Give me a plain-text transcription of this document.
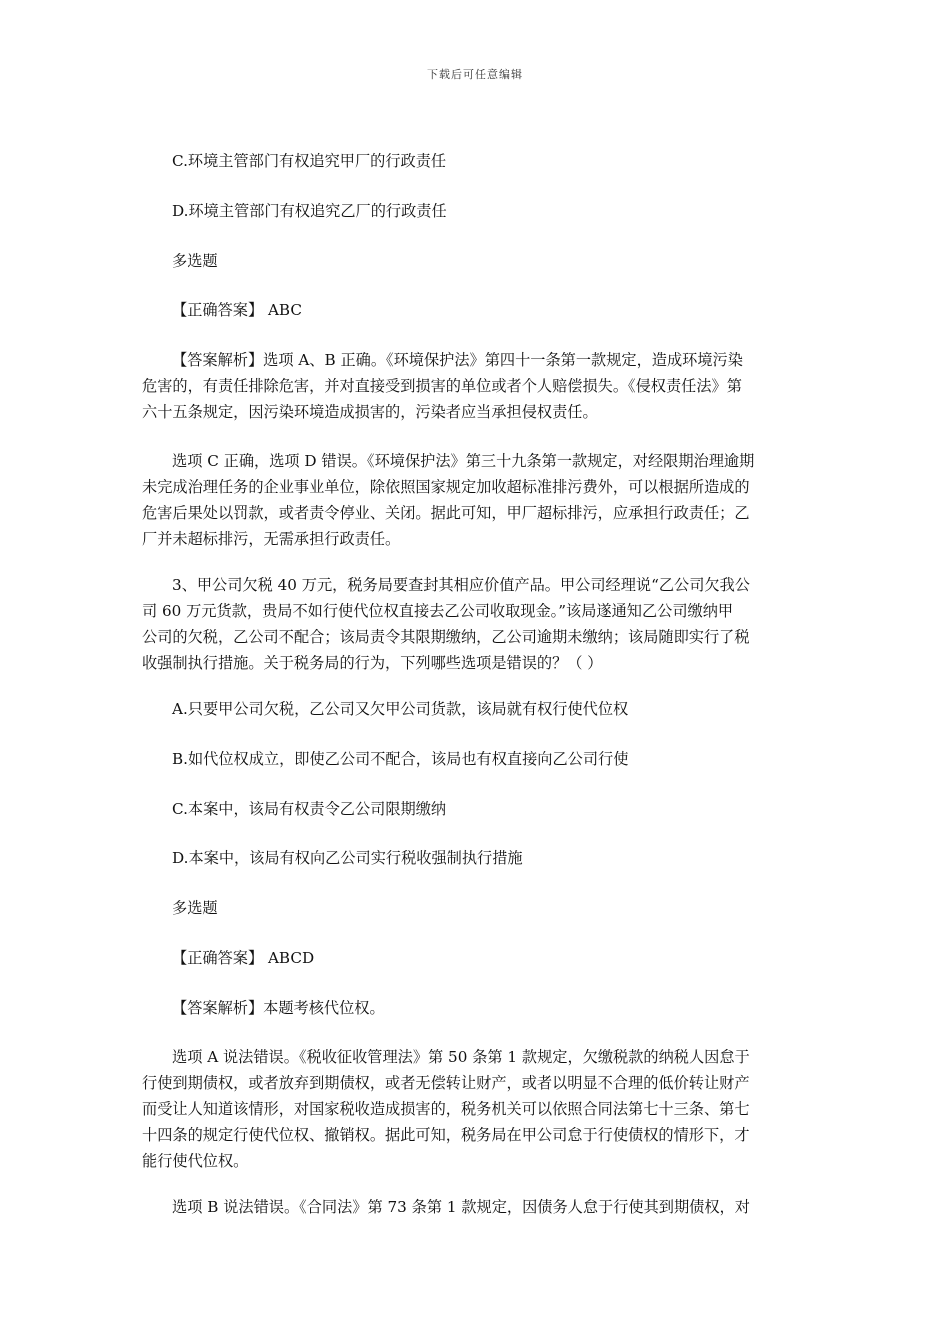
下载后可任意编辑

C.环境主管部门有权追究甲厂的行政责任

D.环境主管部门有权追究乙厂的行政责任

多选题

【正确答案】 ABC

【答案解析】选项 A、B 正确。《环境保护法》第四十一条第一款规定，造成环境污染
危害的，有责任排除危害，并对直接受到损害的单位或者个人赔偿损失。《侵权责任法》第
六十五条规定，因污染环境造成损害的，污染者应当承担侵权责任。
选项 C 正确，选项 D 错误。《环境保护法》第三十九条第一款规定，对经限期治理逾期
未完成治理任务的企业事业单位，除依照国家规定加收超标准排污费外，可以根据所造成的
危害后果处以罚款，或者责令停业、关闭。据此可知，甲厂超标排污，应承担行政责任；乙
厂并未超标排污，无需承担行政责任。
3、甲公司欠税 40 万元，税务局要查封其相应价值产品。甲公司经理说“乙公司欠我公
司 60 万元货款，贵局不如行使代位权直接去乙公司收取现金。”该局遂通知乙公司缴纳甲
公司的欠税，乙公司不配合；该局责令其限期缴纳，乙公司逾期未缴纳；该局随即实行了税
收强制执行措施。关于税务局的行为，下列哪些选项是错误的？（ ）

A.只要甲公司欠税，乙公司又欠甲公司货款，该局就有权行使代位权

B.如代位权成立，即使乙公司不配合，该局也有权直接向乙公司行使

C.本案中，该局有权责令乙公司限期缴纳

D.本案中，该局有权向乙公司实行税收强制执行措施

多选题

【正确答案】 ABCD

【答案解析】本题考核代位权。

选项 A 说法错误。《税收征收管理法》第 50 条第 1 款规定，欠缴税款的纳税人因怠于
行使到期债权，或者放弃到期债权，或者无偿转让财产，或者以明显不合理的低价转让财产
而受让人知道该情形，对国家税收造成损害的，税务机关可以依照合同法第七十三条、第七
十四条的规定行使代位权、撤销权。据此可知，税务局在甲公司怠于行使债权的情形下，才
能行使代位权。

选项 B 说法错误。《合同法》第 73 条第 1 款规定，因债务人怠于行使其到期债权，对
